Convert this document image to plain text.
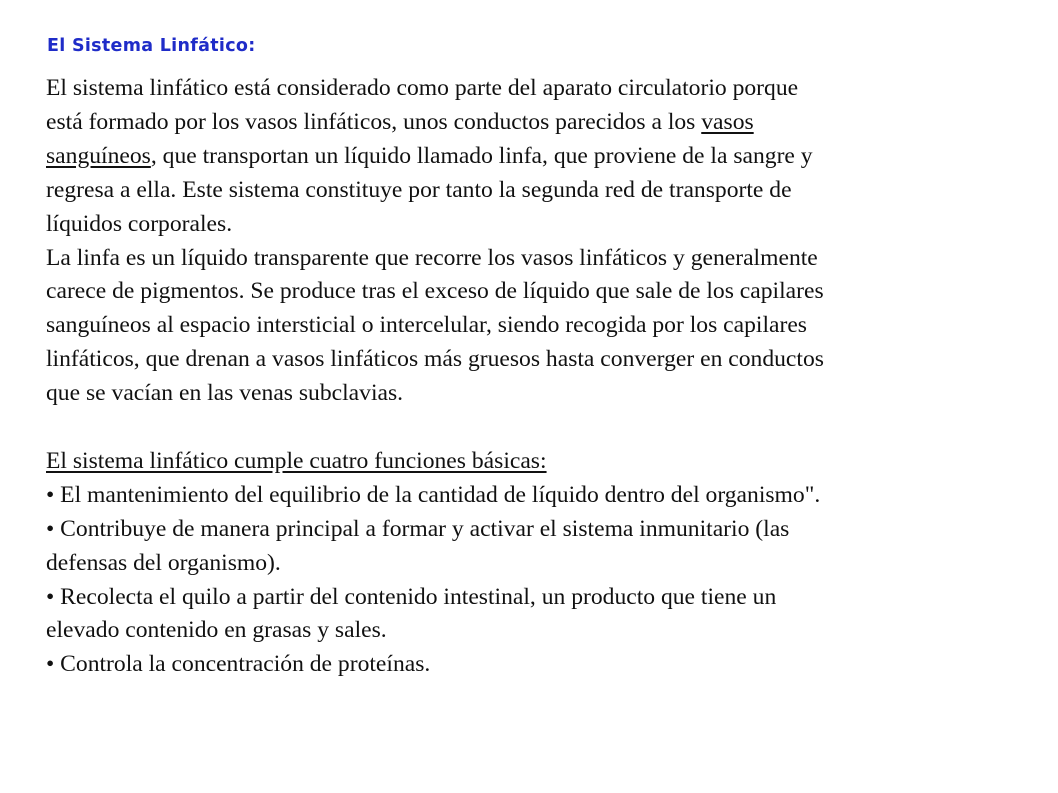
El Sistema Linfático:

El sistema linfático está considerado como parte del aparato circulatorio porque
está formado por los vasos linfáticos, unos conductos parecidos a los vasos
sanguíneos, que transportan un líquido llamado linfa, que proviene de la sangre y
regresa a ella. Este sistema constituye por tanto la segunda red de transporte de
líquidos corporales.

La linfa es un líquido transparente que recorre los vasos linfáticos y generalmente
carece de pigmentos. Se produce tras el exceso de líquido que sale de los capilares
sanguíneos al espacio intersticial o intercelular, siendo recogida por los capilares
linfáticos, que drenan a vasos linfáticos más gruesos hasta converger en conductos
que se vacían en las venas subclavias.

El sistema linfático cumple cuatro funciones básicas:
• El mantenimiento del equilibrio de la cantidad de líquido dentro del organismo".
• Contribuye de manera principal a formar y activar el sistema inmunitario (las
defensas del organismo).
• Recolecta el quilo a partir del contenido intestinal, un producto que tiene un
elevado contenido en grasas y sales.
• Controla la concentración de proteínas.
